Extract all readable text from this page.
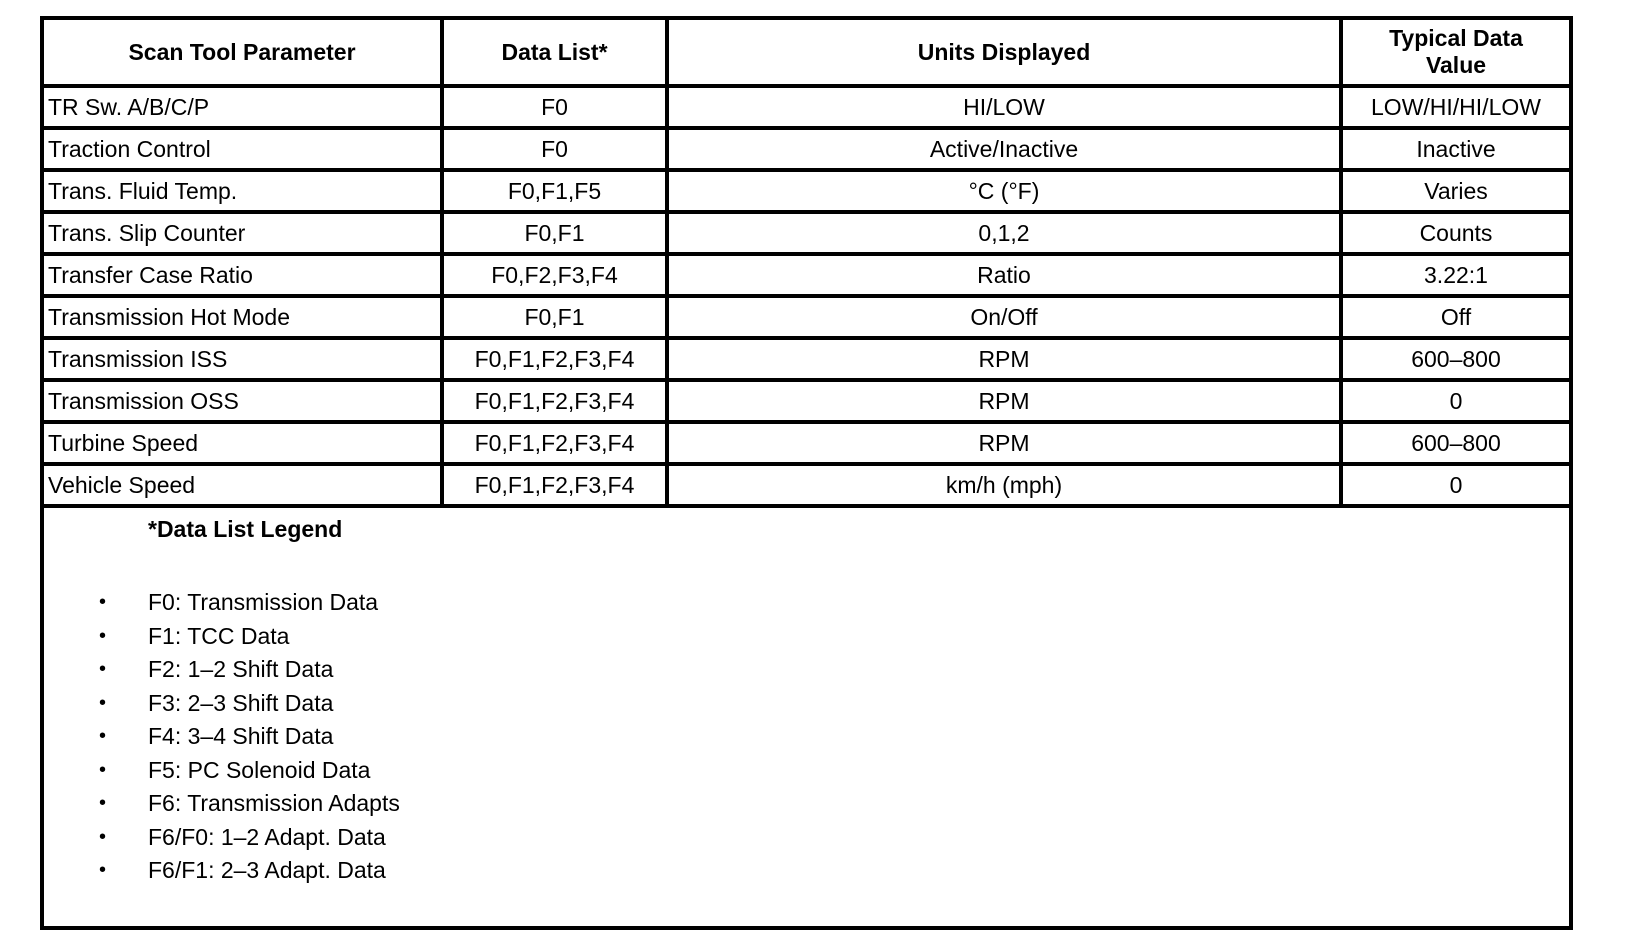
Scan Tool Parameter	Data List*	Units Displayed	Typical Data Value
TR Sw. A/B/C/P	F0	HI/LOW	LOW/HI/HI/LOW
Traction Control	F0	Active/Inactive	Inactive
Trans. Fluid Temp.	F0,F1,F5	°C (°F)	Varies
Trans. Slip Counter	F0,F1	0,1,2	Counts
Transfer Case Ratio	F0,F2,F3,F4	Ratio	3.22:1
Transmission Hot Mode	F0,F1	On/Off	Off
Transmission ISS	F0,F1,F2,F3,F4	RPM	600–800
Transmission OSS	F0,F1,F2,F3,F4	RPM	0
Turbine Speed	F0,F1,F2,F3,F4	RPM	600–800
Vehicle Speed	F0,F1,F2,F3,F4	km/h (mph)	0
*Data List Legend
• F0: Transmission Data
• F1: TCC Data
• F2: 1–2 Shift Data
• F3: 2–3 Shift Data
• F4: 3–4 Shift Data
• F5: PC Solenoid Data
• F6: Transmission Adapts
• F6/F0: 1–2 Adapt. Data
• F6/F1: 2–3 Adapt. Data
